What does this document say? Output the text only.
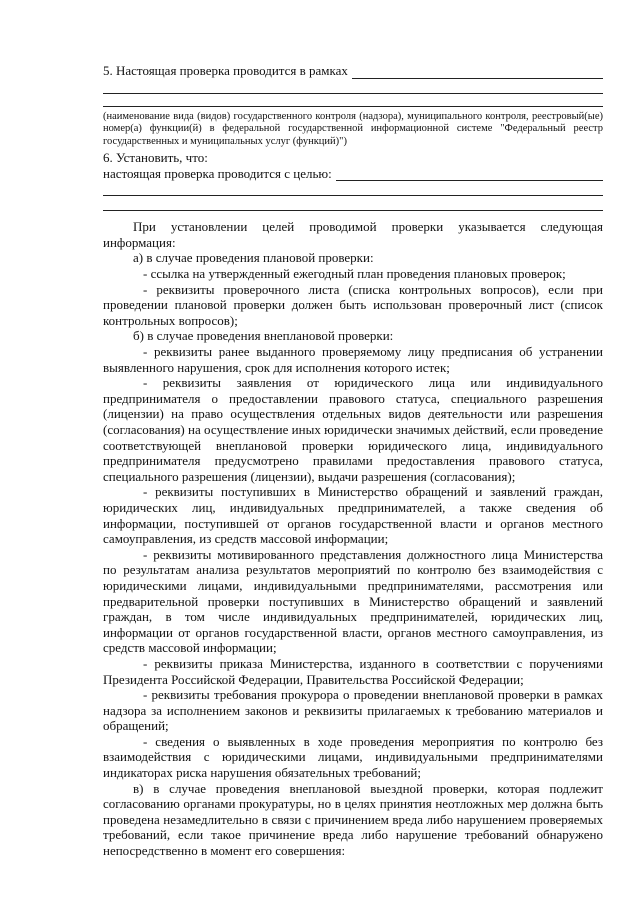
5. Настоящая проверка проводится в рамках

(наименование вида (видов) государственного контроля (надзора), муниципального контроля, реестровый(ые) номер(а) функции(й) в федеральной государственной информационной системе "Федеральный реестр государственных и муниципальных услуг (функций)")

6. Установить, что:

настоящая проверка проводится с целью:

При установлении целей проводимой проверки указывается следующая информация:

а) в случае проведения плановой проверки:

- ссылка на утвержденный ежегодный план проведения плановых проверок;

- реквизиты проверочного листа (списка контрольных вопросов), если при проведении плановой проверки должен быть использован проверочный лист (список контрольных вопросов);

б) в случае проведения внеплановой проверки:

- реквизиты ранее выданного проверяемому лицу предписания об устранении выявленного нарушения, срок для исполнения которого истек;

- реквизиты заявления от юридического лица или индивидуального предпринимателя о предоставлении правового статуса, специального разрешения (лицензии) на право осуществления отдельных видов деятельности или разрешения (согласования) на осуществление иных юридически значимых действий, если проведение соответствующей внеплановой проверки юридического лица, индивидуального предпринимателя предусмотрено правилами предоставления правового статуса, специального разрешения (лицензии), выдачи разрешения (согласования);

- реквизиты поступивших в Министерство обращений и заявлений граждан, юридических лиц, индивидуальных предпринимателей, а также сведения об информации, поступившей от органов государственной власти и органов местного самоуправления, из средств массовой информации;

- реквизиты мотивированного представления должностного лица Министерства по результатам анализа результатов мероприятий по контролю без взаимодействия с юридическими лицами, индивидуальными предпринимателями, рассмотрения или предварительной проверки поступивших в Министерство обращений и заявлений граждан, в том числе индивидуальных предпринимателей, юридических лиц, информации от органов государственной власти, органов местного самоуправления, из средств массовой информации;

- реквизиты приказа Министерства, изданного в соответствии с поручениями Президента Российской Федерации, Правительства Российской Федерации;

- реквизиты требования прокурора о проведении внеплановой проверки в рамках надзора за исполнением законов и реквизиты прилагаемых к требованию материалов и обращений;

- сведения о выявленных в ходе проведения мероприятия по контролю без взаимодействия с юридическими лицами, индивидуальными предпринимателями индикаторах риска нарушения обязательных требований;

в) в случае проведения внеплановой выездной проверки, которая подлежит согласованию органами прокуратуры, но в целях принятия неотложных мер должна быть проведена незамедлительно в связи с причинением вреда либо нарушением проверяемых требований, если такое причинение вреда либо нарушение требований обнаружено непосредственно в момент его совершения:
